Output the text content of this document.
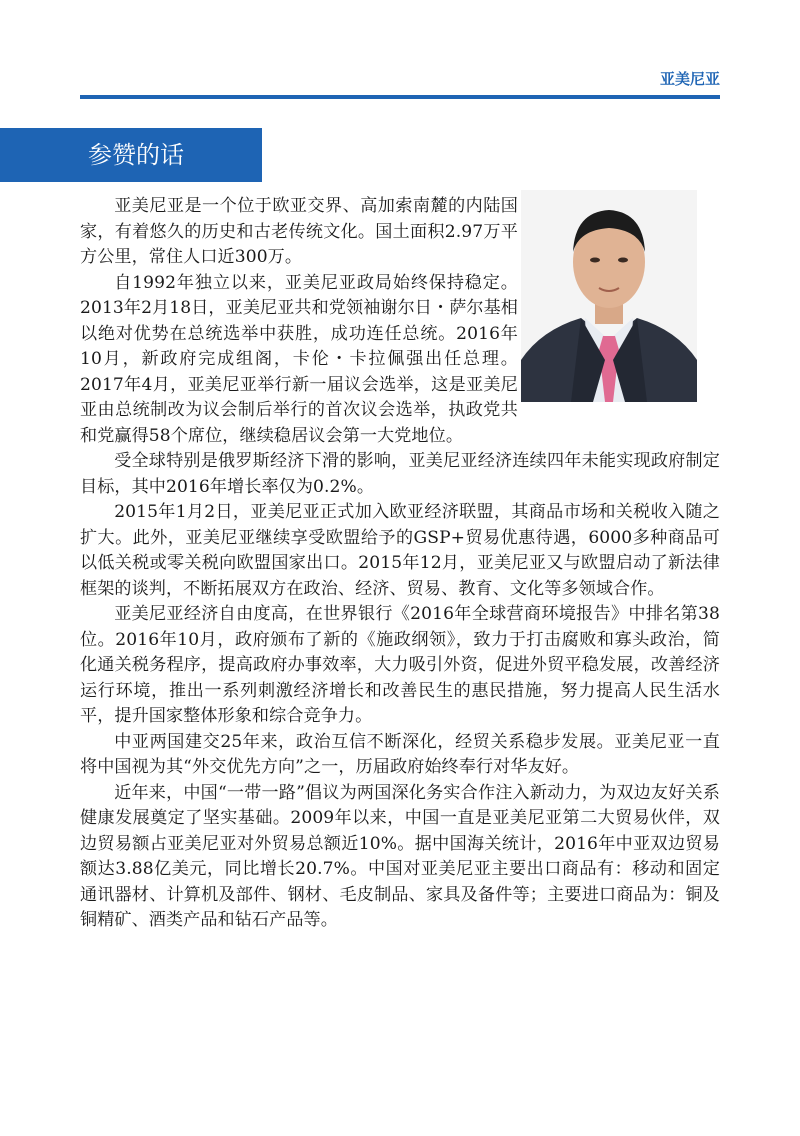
亚美尼亚
参赞的话

亚美尼亚是一个位于欧亚交界、高加索南麓的内陆国家，有着悠久的历史和古老传统文化。国土面积2.97万平方公里，常住人口近300万。

自1992年独立以来，亚美尼亚政局始终保持稳定。2013年2月18日，亚美尼亚共和党领袖谢尔日・萨尔基相以绝对优势在总统选举中获胜，成功连任总统。2016年10月，新政府完成组阁，卡伦・卡拉佩强出任总理。2017年4月，亚美尼亚举行新一届议会选举，这是亚美尼亚由总统制改为议会制后举行的首次议会选举，执政党共和党赢得58个席位，继续稳居议会第一大党地位。

受全球特别是俄罗斯经济下滑的影响，亚美尼亚经济连续四年未能实现政府制定目标，其中2016年增长率仅为0.2%。

2015年1月2日，亚美尼亚正式加入欧亚经济联盟，其商品市场和关税收入随之扩大。此外，亚美尼亚继续享受欧盟给予的GSP+贸易优惠待遇，6000多种商品可以低关税或零关税向欧盟国家出口。2015年12月，亚美尼亚又与欧盟启动了新法律框架的谈判，不断拓展双方在政治、经济、贸易、教育、文化等多领域合作。

亚美尼亚经济自由度高，在世界银行《2016年全球营商环境报告》中排名第38位。2016年10月，政府颁布了新的《施政纲领》，致力于打击腐败和寡头政治，简化通关税务程序，提高政府办事效率，大力吸引外资，促进外贸平稳发展，改善经济运行环境，推出一系列刺激经济增长和改善民生的惠民措施，努力提高人民生活水平，提升国家整体形象和综合竞争力。

中亚两国建交25年来，政治互信不断深化，经贸关系稳步发展。亚美尼亚一直将中国视为其“外交优先方向”之一，历届政府始终奉行对华友好。

近年来，中国“一带一路”倡议为两国深化务实合作注入新动力，为双边友好关系健康发展奠定了坚实基础。2009年以来，中国一直是亚美尼亚第二大贸易伙伴，双边贸易额占亚美尼亚对外贸易总额近10%。据中国海关统计，2016年中亚双边贸易额达3.88亿美元，同比增长20.7%。中国对亚美尼亚主要出口商品有：移动和固定通讯器材、计算机及部件、钢材、毛皮制品、家具及备件等；主要进口商品为：铜及铜精矿、酒类产品和钻石产品等。
